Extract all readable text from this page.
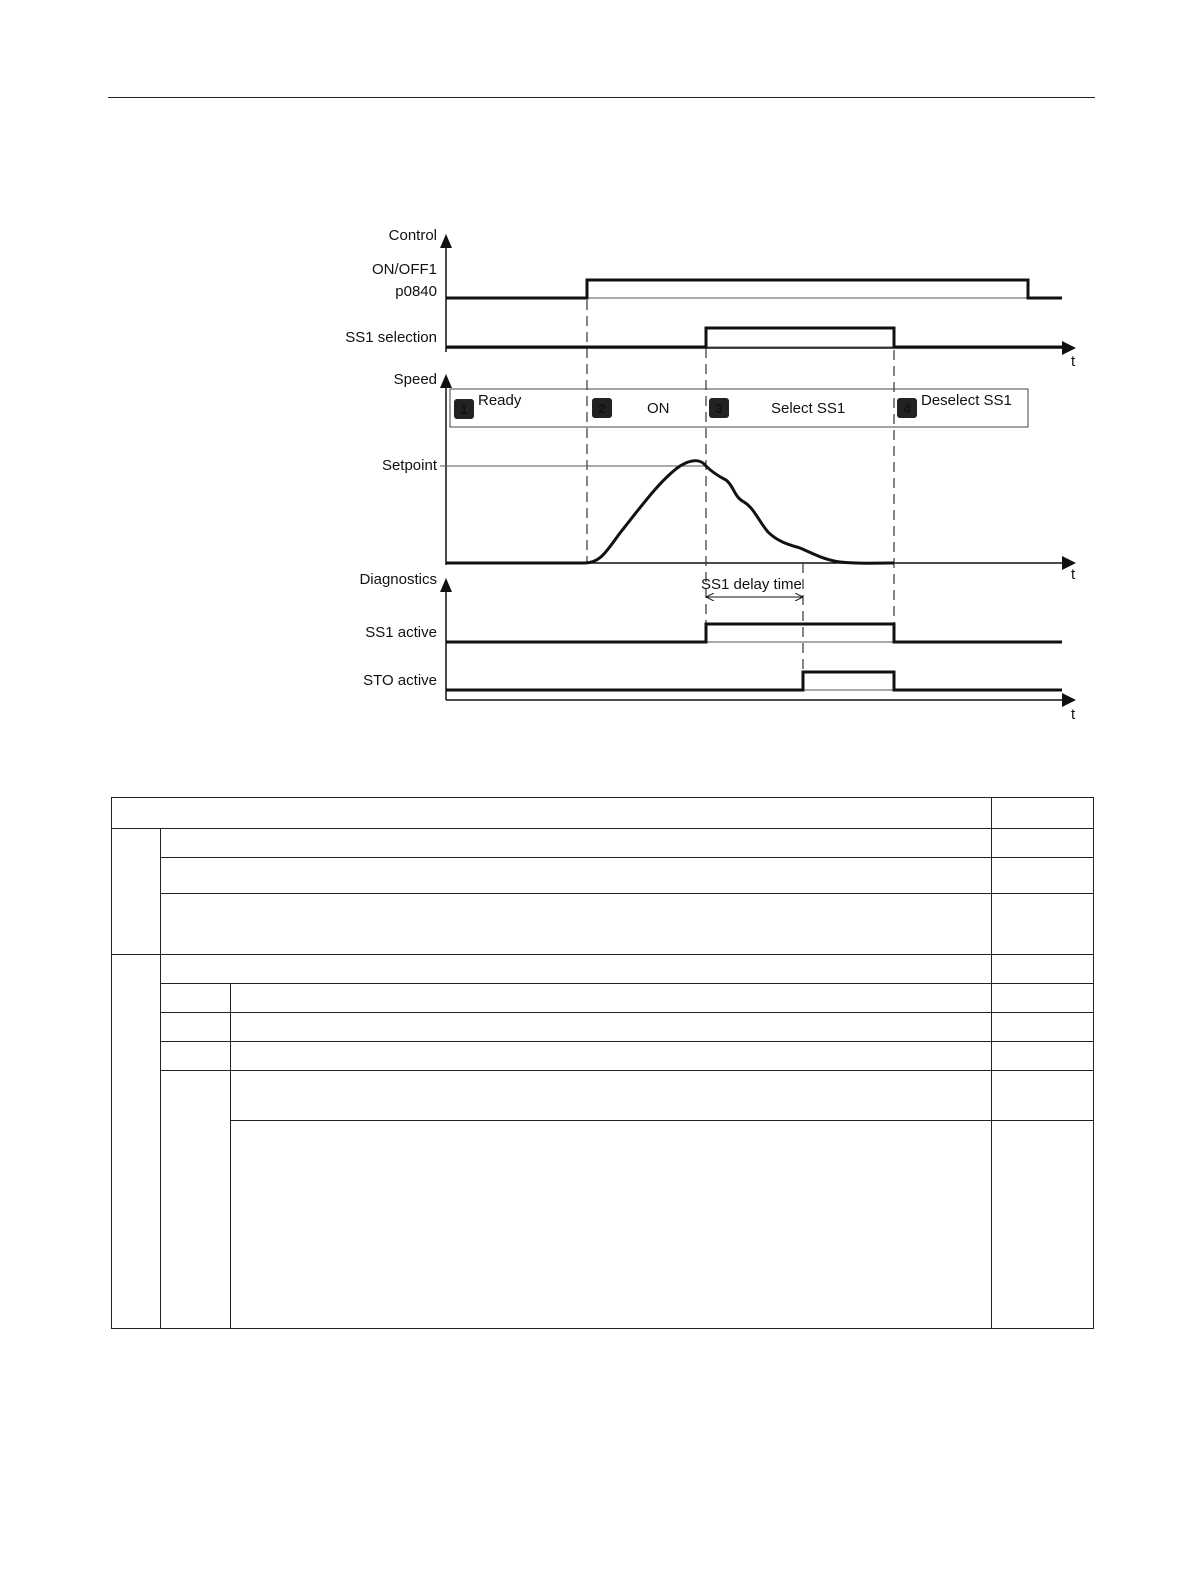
1
Ready	2	ON	3	Select SS1	4 Deselect SS1
SS1 delay time
Control
ON/OFF1
p0840
SS1 selection
Speed
Setpoint
Diagnostics
SS1 active
STO active
t
t
t
